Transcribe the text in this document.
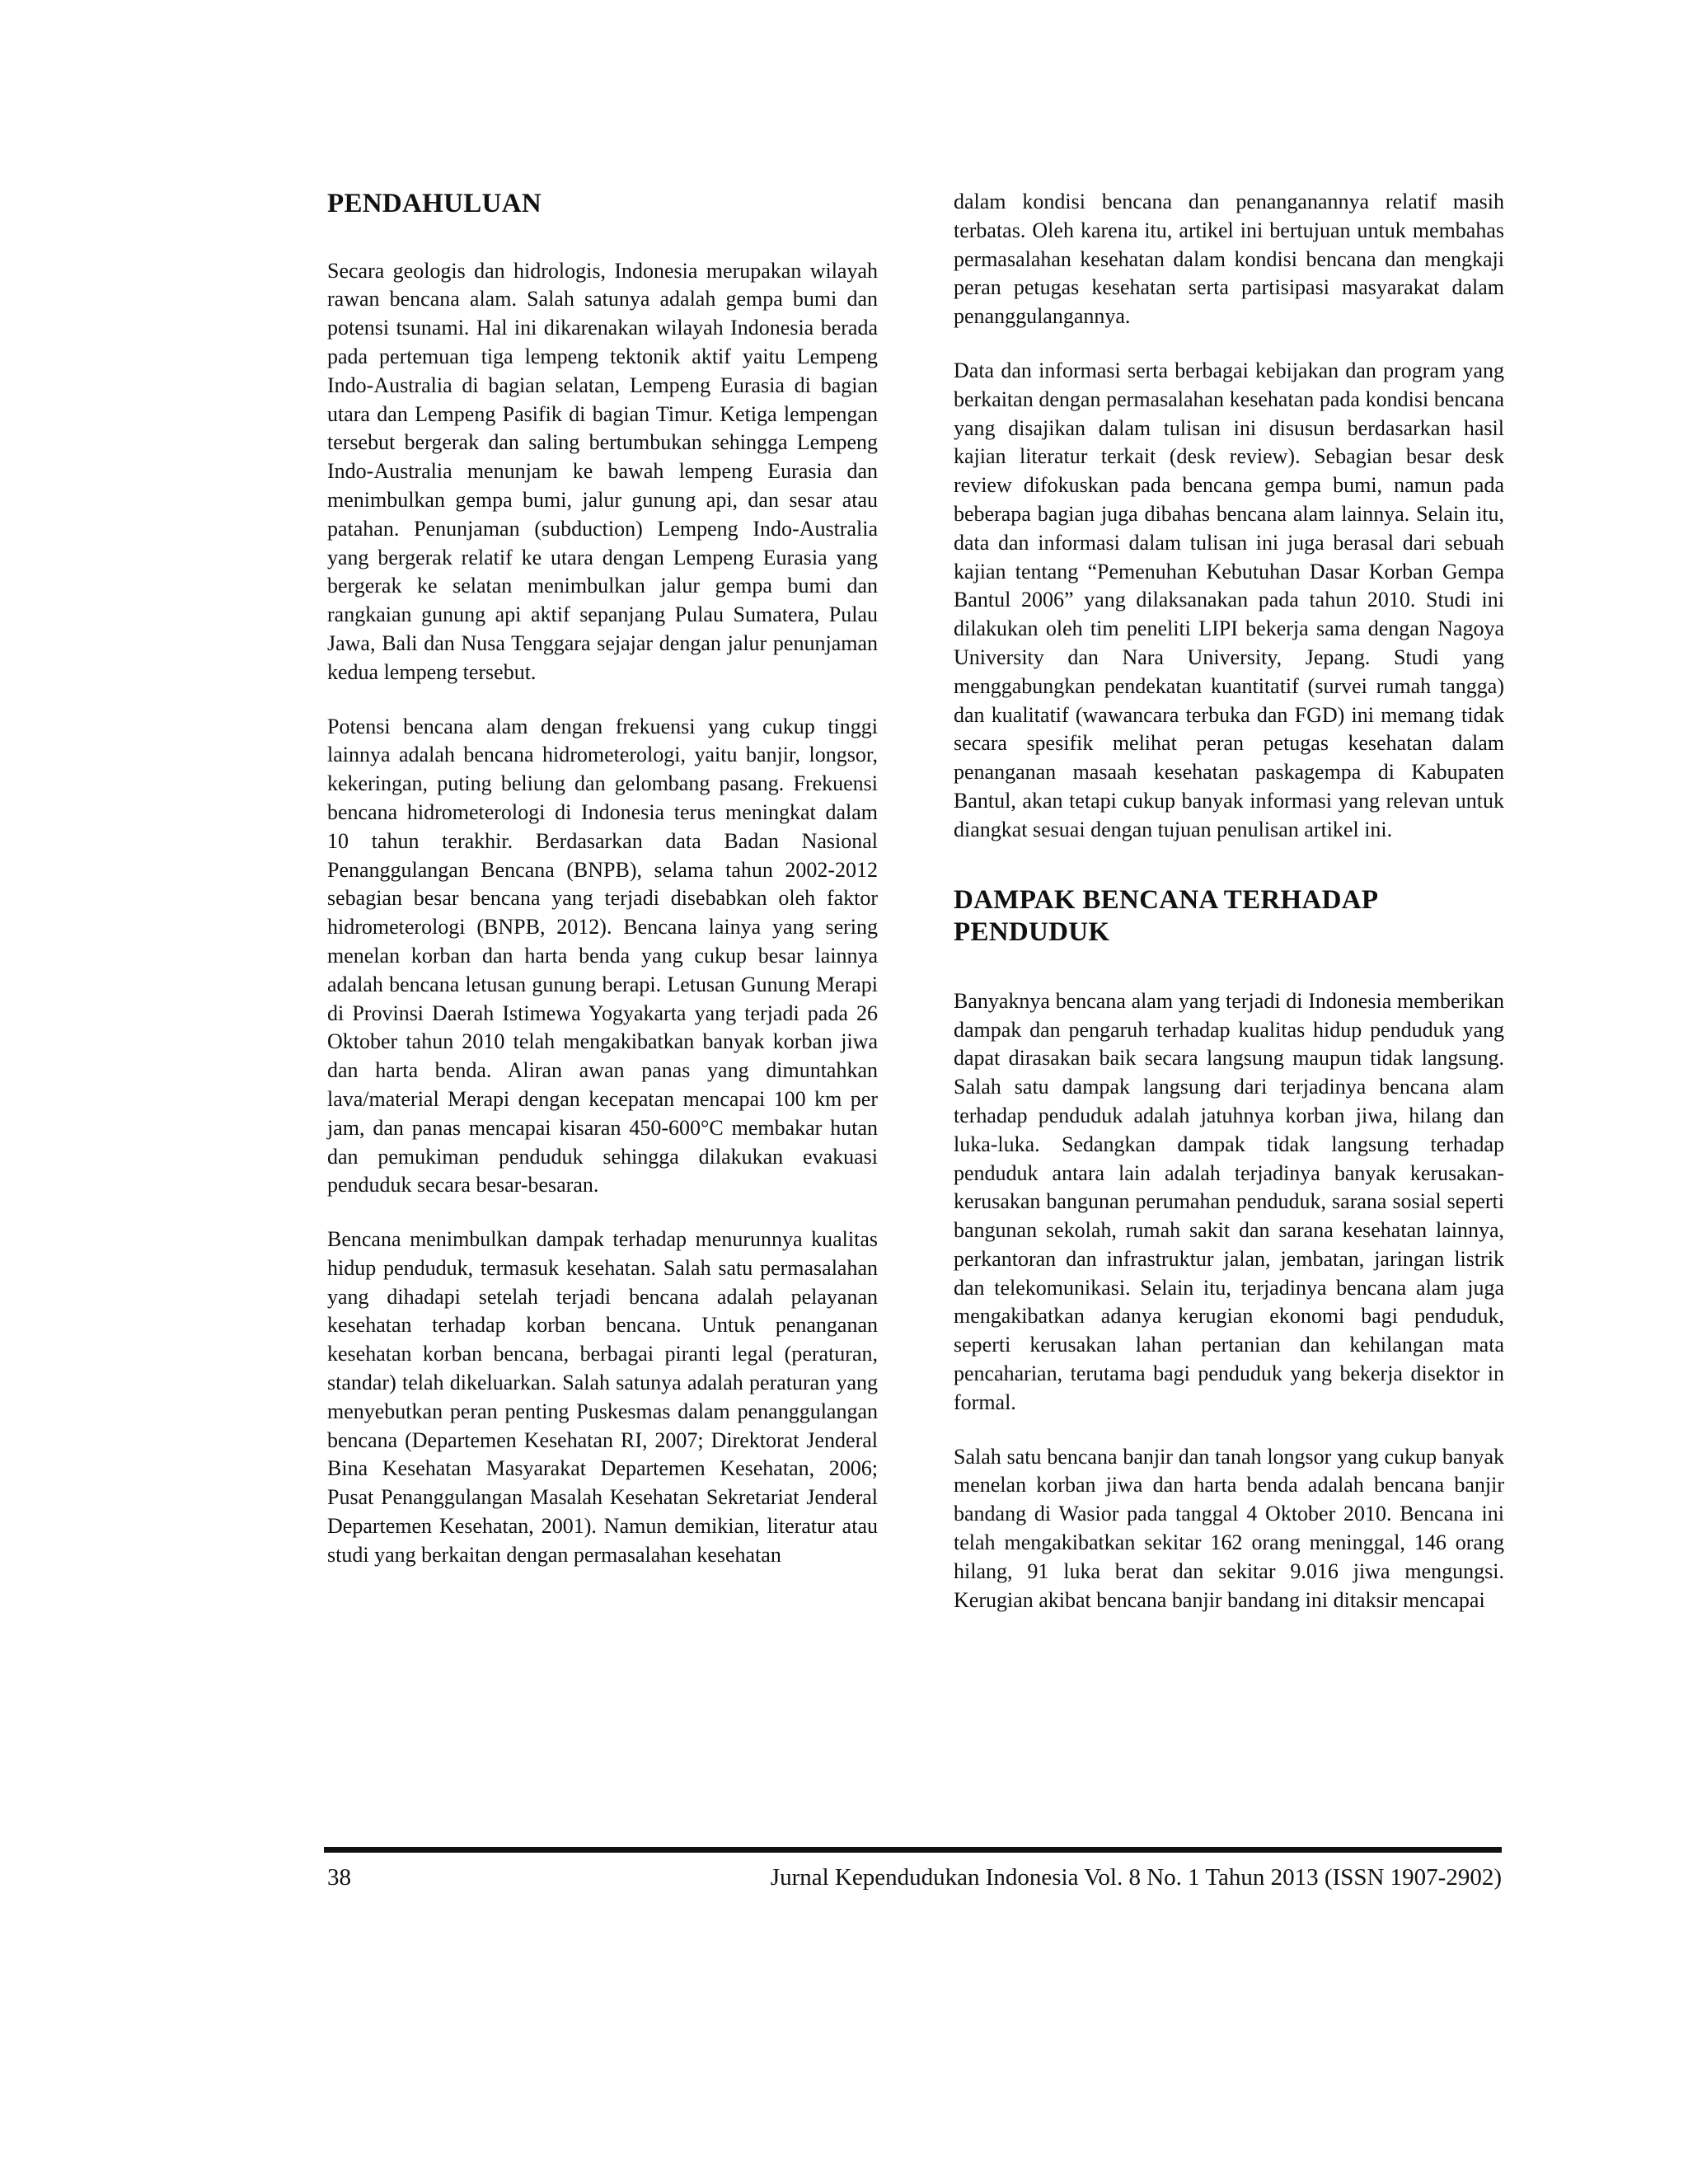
PENDAHULUAN

Secara geologis dan hidrologis, Indonesia merupakan wilayah rawan bencana alam. Salah satunya adalah gempa bumi dan potensi tsunami. Hal ini dikarenakan wilayah Indonesia berada pada pertemuan tiga lempeng tektonik aktif yaitu Lempeng Indo-Australia di bagian selatan, Lempeng Eurasia di bagian utara dan Lempeng Pasifik di bagian Timur. Ketiga lempengan tersebut bergerak dan saling bertumbukan sehingga Lempeng Indo-Australia menunjam ke bawah lempeng Eurasia dan menimbulkan gempa bumi, jalur gunung api, dan sesar atau patahan. Penunjaman (subduction) Lempeng Indo-Australia yang bergerak relatif ke utara dengan Lempeng Eurasia yang bergerak ke selatan menimbulkan jalur gempa bumi dan rangkaian gunung api aktif sepanjang Pulau Sumatera, Pulau Jawa, Bali dan Nusa Tenggara sejajar dengan jalur penunjaman kedua lempeng tersebut.

Potensi bencana alam dengan frekuensi yang cukup tinggi lainnya adalah bencana hidrometerologi, yaitu banjir, longsor, kekeringan, puting beliung dan gelombang pasang. Frekuensi bencana hidrometerologi di Indonesia terus meningkat dalam 10 tahun terakhir. Berdasarkan data Badan Nasional Penanggulangan Bencana (BNPB), selama tahun 2002-2012 sebagian besar bencana yang terjadi disebabkan oleh faktor hidrometerologi (BNPB, 2012). Bencana lainya yang sering menelan korban dan harta benda yang cukup besar lainnya adalah bencana letusan gunung berapi. Letusan Gunung Merapi di Provinsi Daerah Istimewa Yogyakarta yang terjadi pada 26 Oktober tahun 2010 telah mengakibatkan banyak korban jiwa dan harta benda. Aliran awan panas yang dimuntahkan lava/material Merapi dengan kecepatan mencapai 100 km per jam, dan panas mencapai kisaran 450-600°C membakar hutan dan pemukiman penduduk sehingga dilakukan evakuasi penduduk secara besar-besaran.

Bencana menimbulkan dampak terhadap menurunnya kualitas hidup penduduk, termasuk kesehatan. Salah satu permasalahan yang dihadapi setelah terjadi bencana adalah pelayanan kesehatan terhadap korban bencana. Untuk penanganan kesehatan korban bencana, berbagai piranti legal (peraturan, standar) telah dikeluarkan. Salah satunya adalah peraturan yang menyebutkan peran penting Puskesmas dalam penanggulangan bencana (Departemen Kesehatan RI, 2007; Direktorat Jenderal Bina Kesehatan Masyarakat Departemen Kesehatan, 2006; Pusat Penanggulangan Masalah Kesehatan Sekretariat Jenderal Departemen Kesehatan, 2001). Namun demikian, literatur atau studi yang berkaitan dengan permasalahan kesehatan

dalam kondisi bencana dan penanganannya relatif masih terbatas. Oleh karena itu, artikel ini bertujuan untuk membahas permasalahan kesehatan dalam kondisi bencana dan mengkaji peran petugas kesehatan serta partisipasi masyarakat dalam penanggulangannya.

Data dan informasi serta berbagai kebijakan dan program yang berkaitan dengan permasalahan kesehatan pada kondisi bencana yang disajikan dalam tulisan ini disusun berdasarkan hasil kajian literatur terkait (desk review). Sebagian besar desk review difokuskan pada bencana gempa bumi, namun pada beberapa bagian juga dibahas bencana alam lainnya. Selain itu, data dan informasi dalam tulisan ini juga berasal dari sebuah kajian tentang “Pemenuhan Kebutuhan Dasar Korban Gempa Bantul 2006” yang dilaksanakan pada tahun 2010. Studi ini dilakukan oleh tim peneliti LIPI bekerja sama dengan Nagoya University dan Nara University, Jepang. Studi yang menggabungkan pendekatan kuantitatif (survei rumah tangga) dan kualitatif (wawancara terbuka dan FGD) ini memang tidak secara spesifik melihat peran petugas kesehatan dalam penanganan masaah kesehatan paskagempa di Kabupaten Bantul, akan tetapi cukup banyak informasi yang relevan untuk diangkat sesuai dengan tujuan penulisan artikel ini.

DAMPAK BENCANA TERHADAP
PENDUDUK

Banyaknya bencana alam yang terjadi di Indonesia memberikan dampak dan pengaruh terhadap kualitas hidup penduduk yang dapat dirasakan baik secara langsung maupun tidak langsung. Salah satu dampak langsung dari terjadinya bencana alam terhadap penduduk adalah jatuhnya korban jiwa, hilang dan luka-luka. Sedangkan dampak tidak langsung terhadap penduduk antara lain adalah terjadinya banyak kerusakan-kerusakan bangunan perumahan penduduk, sarana sosial seperti bangunan sekolah, rumah sakit dan sarana kesehatan lainnya, perkantoran dan infrastruktur jalan, jembatan, jaringan listrik dan telekomunikasi. Selain itu, terjadinya bencana alam juga mengakibatkan adanya kerugian ekonomi bagi penduduk, seperti kerusakan lahan pertanian dan kehilangan mata pencaharian, terutama bagi penduduk yang bekerja disektor in formal.

Salah satu bencana banjir dan tanah longsor yang cukup banyak menelan korban jiwa dan harta benda adalah bencana banjir bandang di Wasior pada tanggal 4 Oktober 2010. Bencana ini telah mengakibatkan sekitar 162 orang meninggal, 146 orang hilang, 91 luka berat dan sekitar 9.016 jiwa mengungsi. Kerugian akibat bencana banjir bandang ini ditaksir mencapai

38	Jurnal Kependudukan Indonesia Vol. 8 No. 1 Tahun 2013 (ISSN 1907-2902)
